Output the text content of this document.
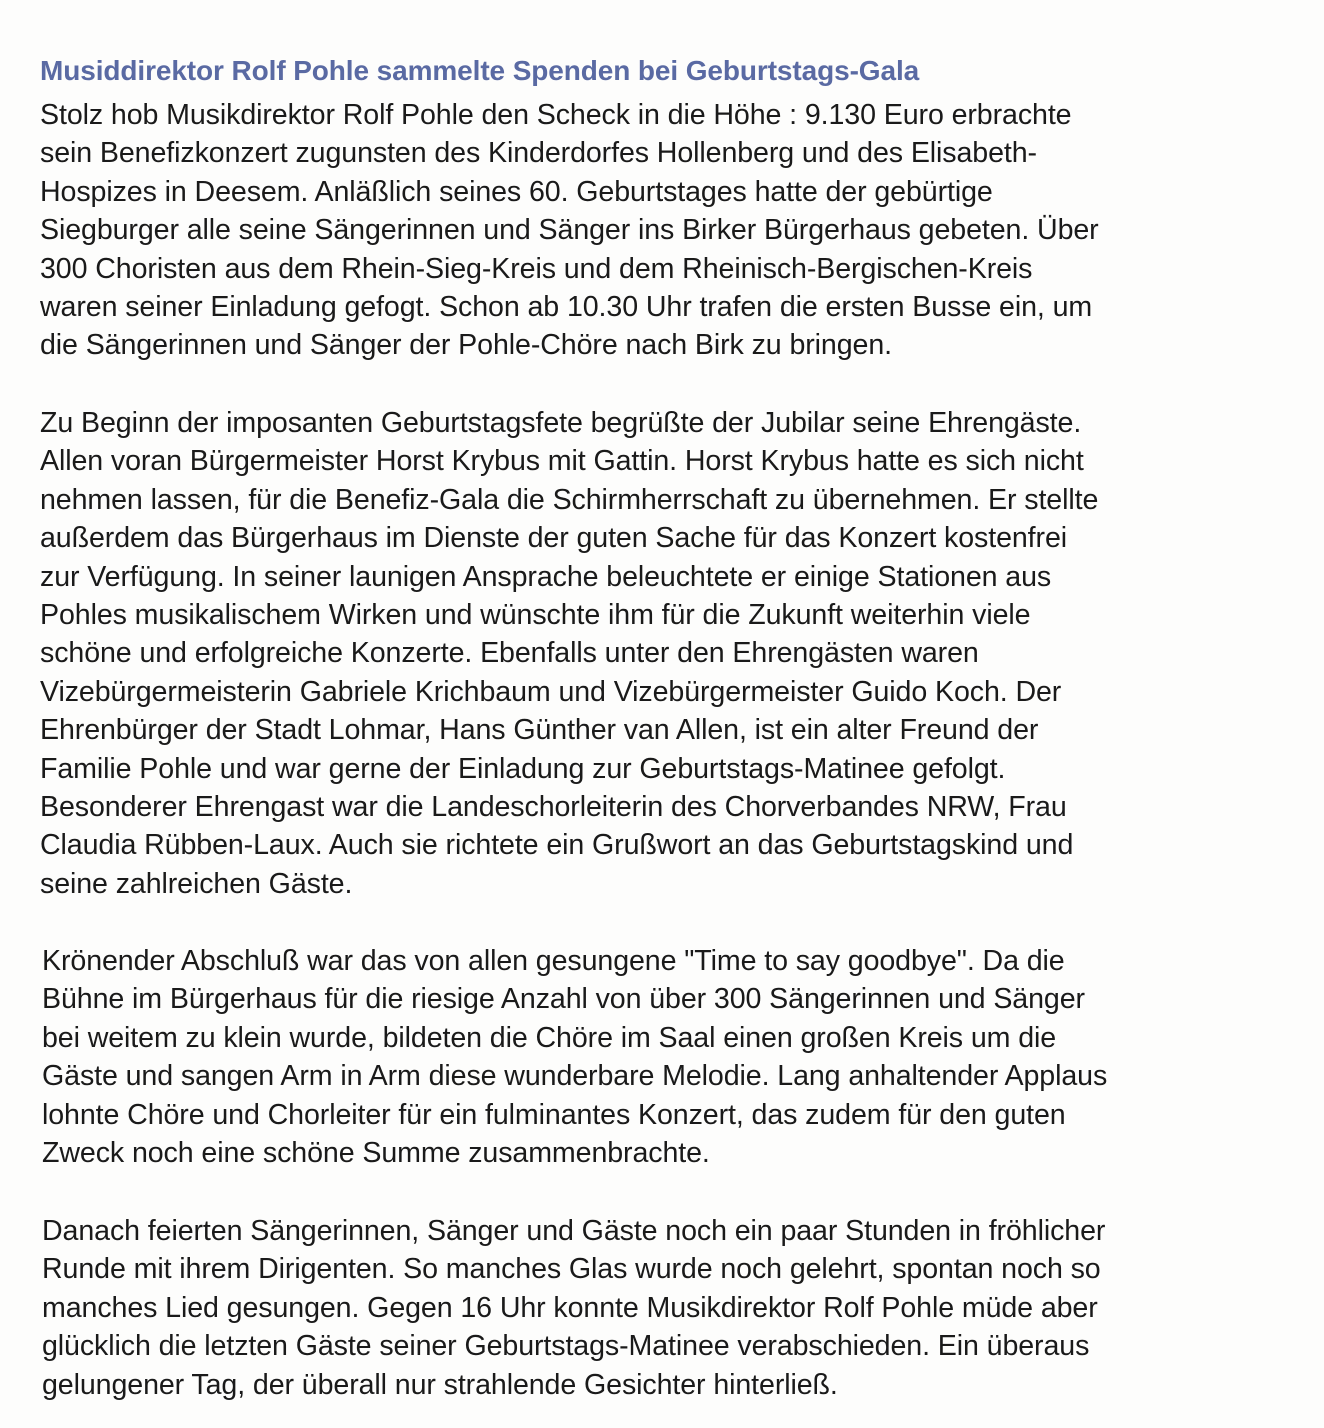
Musiddirektor Rolf Pohle sammelte Spenden bei Geburtstags-Gala

Stolz hob Musikdirektor Rolf Pohle den Scheck in die Höhe : 9.130 Euro erbrachte
sein Benefizkonzert zugunsten des Kinderdorfes Hollenberg und des Elisabeth-
Hospizes in Deesem. Anläßlich seines 60. Geburtstages hatte der gebürtige
Siegburger alle seine Sängerinnen und Sänger ins Birker Bürgerhaus gebeten. Über
300 Choristen aus dem Rhein-Sieg-Kreis und dem Rheinisch-Bergischen-Kreis
waren seiner Einladung gefogt. Schon ab 10.30 Uhr trafen die ersten Busse ein, um
die Sängerinnen und Sänger der Pohle-Chöre nach Birk zu bringen.

Zu Beginn der imposanten Geburtstagsfete begrüßte der Jubilar seine Ehrengäste.
Allen voran Bürgermeister Horst Krybus mit Gattin. Horst Krybus hatte es sich nicht
nehmen lassen, für die Benefiz-Gala die Schirmherrschaft zu übernehmen. Er stellte
außerdem das Bürgerhaus im Dienste der guten Sache für das Konzert kostenfrei
zur Verfügung. In seiner launigen Ansprache beleuchtete er einige Stationen aus
Pohles musikalischem Wirken und wünschte ihm für die Zukunft weiterhin viele
schöne und erfolgreiche Konzerte. Ebenfalls unter den Ehrengästen waren
Vizebürgermeisterin Gabriele Krichbaum und Vizebürgermeister Guido Koch. Der
Ehrenbürger der Stadt Lohmar, Hans Günther van Allen, ist ein alter Freund der
Familie Pohle und war gerne der Einladung zur Geburtstags-Matinee gefolgt.
Besonderer Ehrengast war die Landeschorleiterin des Chorverbandes NRW, Frau
Claudia Rübben-Laux. Auch sie richtete ein Grußwort an das Geburtstagskind und
seine zahlreichen Gäste.

Krönender Abschluß war das von allen gesungene "Time to say goodbye". Da die
Bühne im Bürgerhaus für die riesige Anzahl von über 300 Sängerinnen und Sänger
bei weitem zu klein wurde, bildeten die Chöre im Saal einen großen Kreis um die
Gäste und sangen Arm in Arm diese wunderbare Melodie. Lang anhaltender Applaus
lohnte Chöre und Chorleiter für ein fulminantes Konzert, das zudem für den guten
Zweck noch eine schöne Summe zusammenbrachte.

Danach feierten Sängerinnen, Sänger und Gäste noch ein paar Stunden in fröhlicher
Runde mit ihrem Dirigenten. So manches Glas wurde noch gelehrt, spontan noch so
manches Lied gesungen. Gegen 16 Uhr konnte Musikdirektor Rolf Pohle müde aber
glücklich die letzten Gäste seiner Geburtstags-Matinee verabschieden. Ein überaus
gelungener Tag, der überall nur strahlende Gesichter hinterließ.
